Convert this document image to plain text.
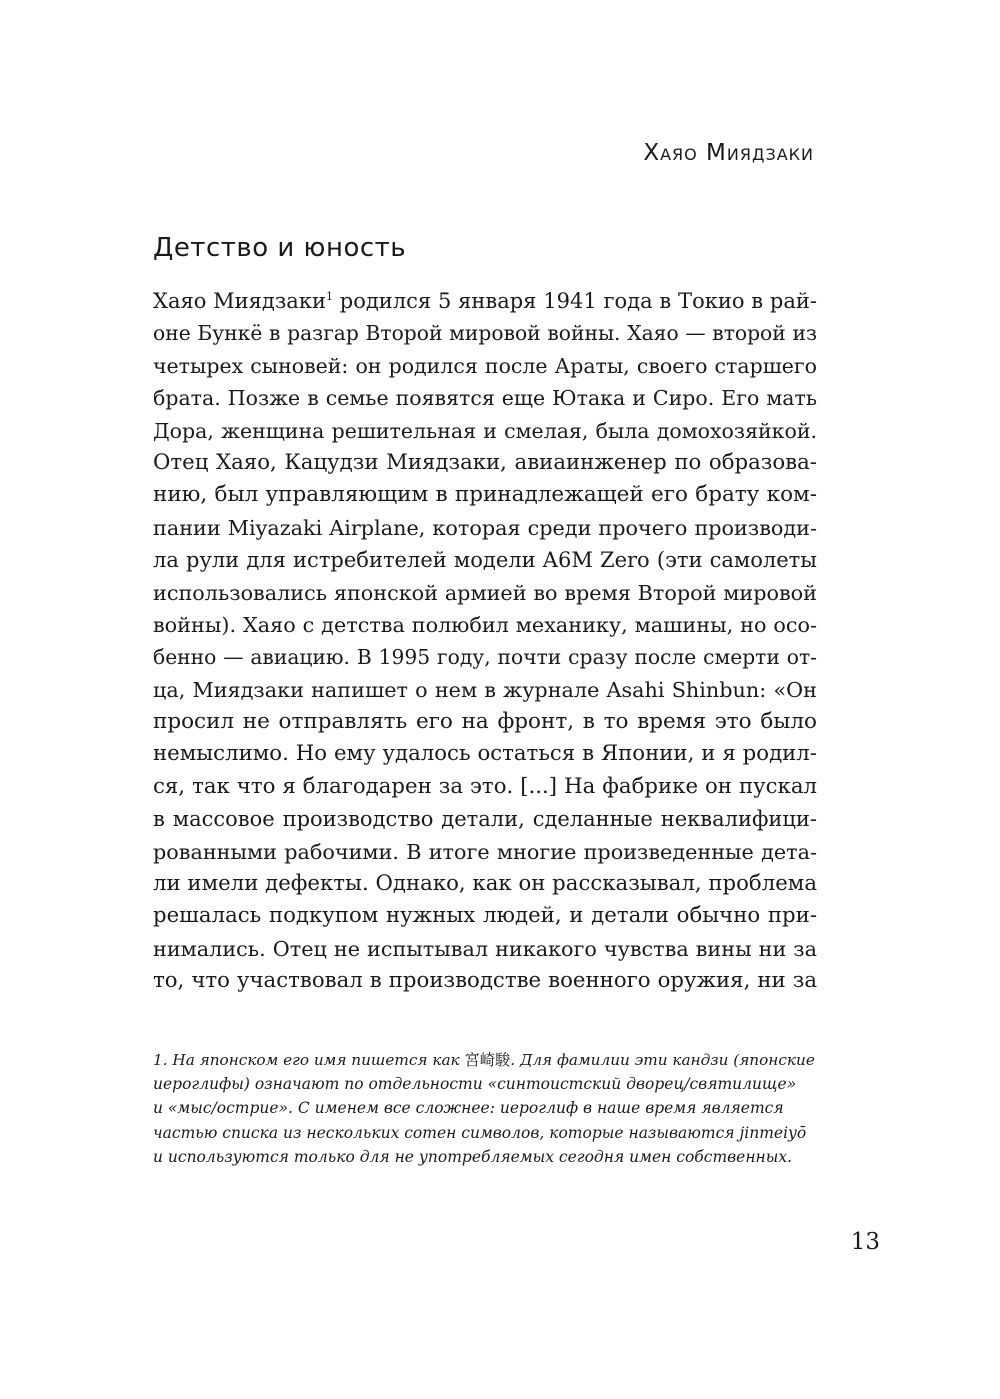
Хаяо Миядзаки
Детство и юность
Хаяо Миядзаки$^1$ родился 5 января 1941 года в Токио в рай-
оне Бункё в разгар Второй мировой войны. Хаяо — второй из
четырех сыновей: он родился после Араты, своего старшего
брата. Позже в семье появятся еще Ютака и Сиро. Его мать
Дора, женщина решительная и смелая, была домохозяйкой.
Отец Хаяо, Кацудзи Миядзаки, авиаинженер по образова-
нию, был управляющим в принадлежащей его брату ком-
пании Miyazaki Airplane, которая среди прочего производи-
ла рули для истребителей модели A6M Zero (эти самолеты
использовались японской армией во время Второй мировой
войны). Хаяо с детства полюбил механику, машины, но осо-
бенно — авиацию. В 1995 году, почти сразу после смерти от-
ца, Миядзаки напишет о нем в журнале Asahi Shinbun: «Он
просил не отправлять его на фронт, в то время это было
немыслимо. Но ему удалось остаться в Японии, и я родил-
ся, так что я благодарен за это. [...] На фабрике он пускал
в массовое производство детали, сделанные неквалифици-
рованными рабочими. В итоге многие произведенные дета-
ли имели дефекты. Однако, как он рассказывал, проблема
решалась подкупом нужных людей, и детали обычно при-
нимались. Отец не испытывал никакого чувства вины ни за
то, что участвовал в производстве военного оружия, ни за
1. На японском его имя пишется как 宮崎駿. Для фамилии эти кандзи (японские
иероглифы) означают по отдельности «синтоистский дворец/святилище»
и «мыс/острие». С именем все сложнее: иероглиф в наше время является
частью списка из нескольких сотен символов, которые называются jinmeiyō
и используются только для не употребляемых сегодня имен собственных.
13
